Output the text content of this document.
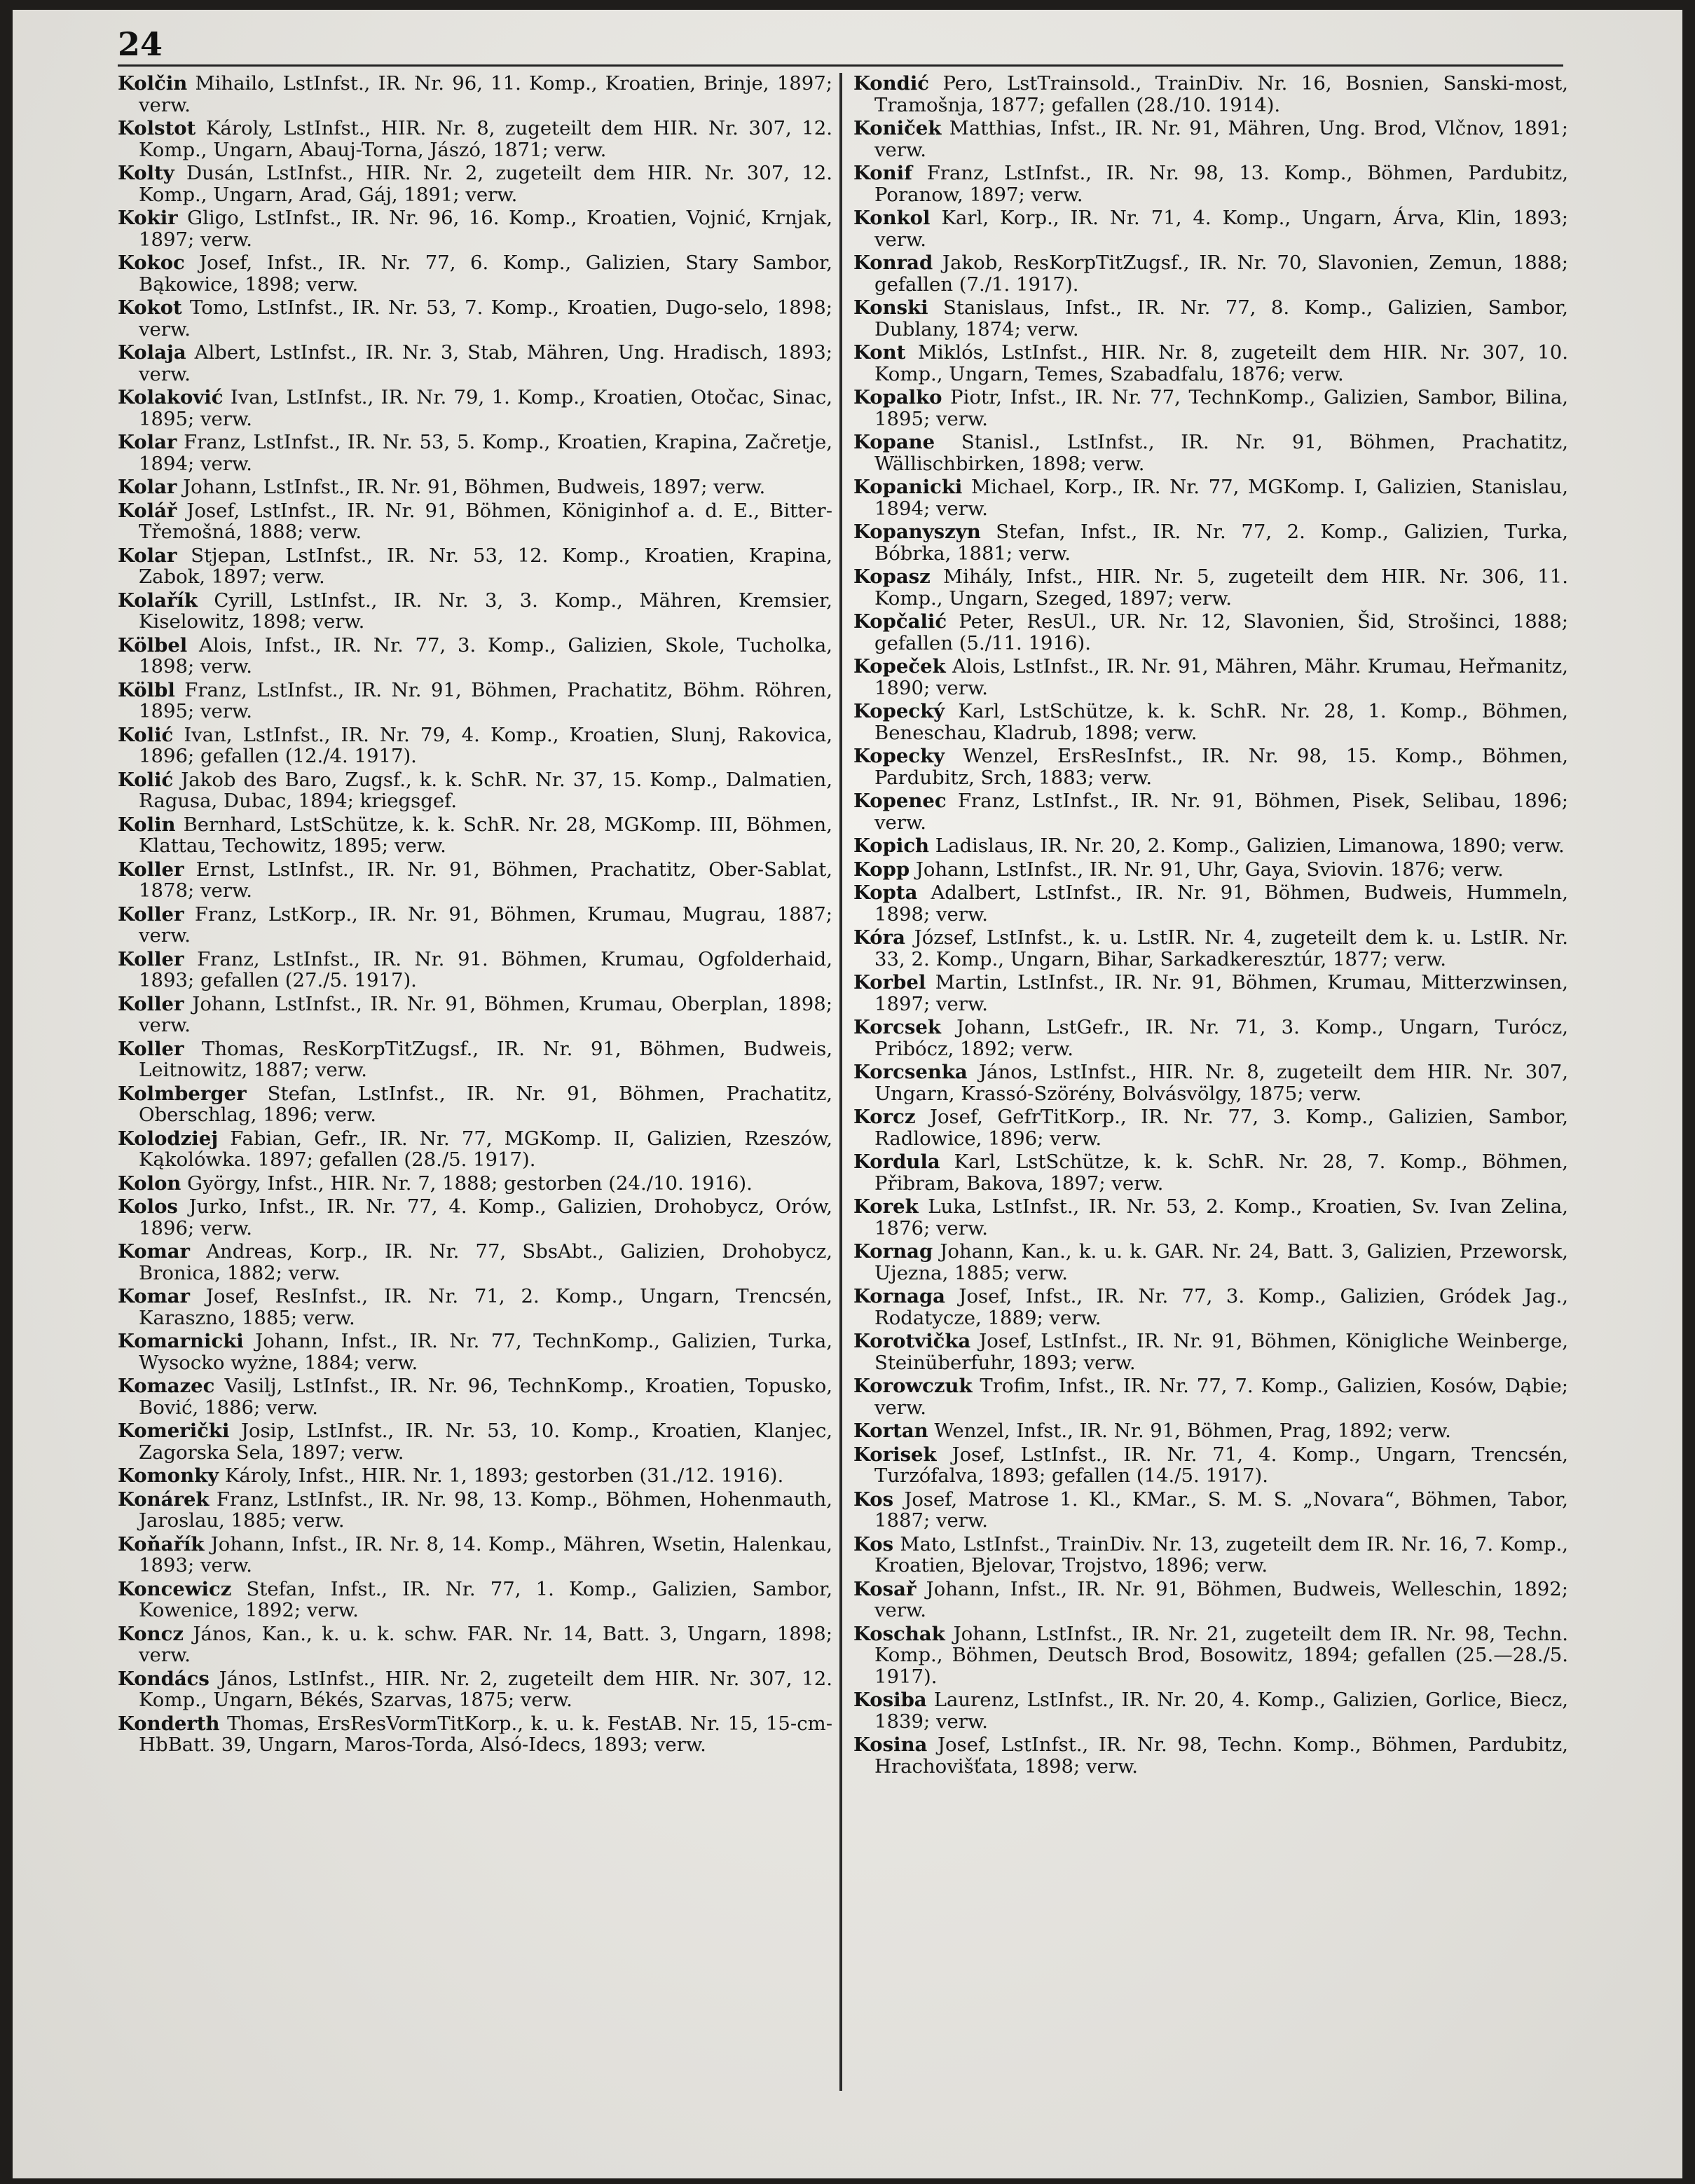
24

Kolčin Mihailo, LstInfst., IR. Nr. 96, 11. Komp., Kroatien, Brinje, 1897; verw.

Kolstot Károly, LstInfst., HIR. Nr. 8, zugeteilt dem HIR. Nr. 307, 12. Komp., Ungarn, Abauj-Torna, Jászó, 1871; verw.

Kolty Dusán, LstInfst., HIR. Nr. 2, zugeteilt dem HIR. Nr. 307, 12. Komp., Ungarn, Arad, Gáj, 1891; verw.

Kokir Gligo, LstInfst., IR. Nr. 96, 16. Komp., Kroatien, Vojnić, Krnjak, 1897; verw.

Kokoc Josef, Infst., IR. Nr. 77, 6. Komp., Galizien, Stary Sambor, Bąkowice, 1898; verw.

Kokot Tomo, LstInfst., IR. Nr. 53, 7. Komp., Kroatien, Dugo-selo, 1898; verw.

Kolaja Albert, LstInfst., IR. Nr. 3, Stab, Mähren, Ung. Hradisch, 1893; verw.

Kolaković Ivan, LstInfst., IR. Nr. 79, 1. Komp., Kroatien, Otočac, Sinac, 1895; verw.

Kolar Franz, LstInfst., IR. Nr. 53, 5. Komp., Kroatien, Krapina, Začretje, 1894; verw.

Kolar Johann, LstInfst., IR. Nr. 91, Böhmen, Budweis, 1897; verw.

Kolář Josef, LstInfst., IR. Nr. 91, Böhmen, Königinhof a. d. E., Bitter-Třemošná, 1888; verw.

Kolar Stjepan, LstInfst., IR. Nr. 53, 12. Komp., Kroatien, Krapina, Zabok, 1897; verw.

Kolařík Cyrill, LstInfst., IR. Nr. 3, 3. Komp., Mähren, Kremsier, Kiselowitz, 1898; verw.

Kölbel Alois, Infst., IR. Nr. 77, 3. Komp., Galizien, Skole, Tucholka, 1898; verw.

Kölbl Franz, LstInfst., IR. Nr. 91, Böhmen, Prachatitz, Böhm. Röhren, 1895; verw.

Kolić Ivan, LstInfst., IR. Nr. 79, 4. Komp., Kroatien, Slunj, Rakovica, 1896; gefallen (12./4. 1917).

Kolić Jakob des Baro, Zugsf., k. k. SchR. Nr. 37, 15. Komp., Dalmatien, Ragusa, Dubac, 1894; kriegsgef.

Kolin Bernhard, LstSchütze, k. k. SchR. Nr. 28, MGKomp. III, Böhmen, Klattau, Techowitz, 1895; verw.

Koller Ernst, LstInfst., IR. Nr. 91, Böhmen, Prachatitz, Ober-Sablat, 1878; verw.

Koller Franz, LstKorp., IR. Nr. 91, Böhmen, Krumau, Mugrau, 1887; verw.

Koller Franz, LstInfst., IR. Nr. 91. Böhmen, Krumau, Ogfolderhaid, 1893; gefallen (27./5. 1917).

Koller Johann, LstInfst., IR. Nr. 91, Böhmen, Krumau, Oberplan, 1898; verw.

Koller Thomas, ResKorpTitZugsf., IR. Nr. 91, Böhmen, Budweis, Leitnowitz, 1887; verw.

Kolmberger Stefan, LstInfst., IR. Nr. 91, Böhmen, Prachatitz, Oberschlag, 1896; verw.

Kolodziej Fabian, Gefr., IR. Nr. 77, MGKomp. II, Galizien, Rzeszów, Kąkolówka. 1897; gefallen (28./5. 1917).

Kolon György, Infst., HIR. Nr. 7, 1888; gestorben (24./10. 1916).

Kolos Jurko, Infst., IR. Nr. 77, 4. Komp., Galizien, Drohobycz, Orów, 1896; verw.

Komar Andreas, Korp., IR. Nr. 77, SbsAbt., Galizien, Drohobycz, Bronica, 1882; verw.

Komar Josef, ResInfst., IR. Nr. 71, 2. Komp., Ungarn, Trencsén, Karaszno, 1885; verw.

Komarnicki Johann, Infst., IR. Nr. 77, TechnKomp., Galizien, Turka, Wysocko wyżne, 1884; verw.

Komazec Vasilj, LstInfst., IR. Nr. 96, TechnKomp., Kroatien, Topusko, Bović, 1886; verw.

Komerički Josip, LstInfst., IR. Nr. 53, 10. Komp., Kroatien, Klanjec, Zagorska Sela, 1897; verw.

Komonky Károly, Infst., HIR. Nr. 1, 1893; gestorben (31./12. 1916).

Konárek Franz, LstInfst., IR. Nr. 98, 13. Komp., Böhmen, Hohenmauth, Jaroslau, 1885; verw.

Koňařík Johann, Infst., IR. Nr. 8, 14. Komp., Mähren, Wsetin, Halenkau, 1893; verw.

Koncewicz Stefan, Infst., IR. Nr. 77, 1. Komp., Galizien, Sambor, Kowenice, 1892; verw.

Koncz János, Kan., k. u. k. schw. FAR. Nr. 14, Batt. 3, Ungarn, 1898; verw.

Kondács János, LstInfst., HIR. Nr. 2, zugeteilt dem HIR. Nr. 307, 12. Komp., Ungarn, Békés, Szarvas, 1875; verw.

Konderth Thomas, ErsResVormTitKorp., k. u. k. FestAB. Nr. 15, 15-cm-HbBatt. 39, Ungarn, Maros-Torda, Alsó-Idecs, 1893; verw.

Kondić Pero, LstTrainsold., TrainDiv. Nr. 16, Bosnien, Sanski-most, Tramošnja, 1877; gefallen (28./10. 1914).

Koniček Matthias, Infst., IR. Nr. 91, Mähren, Ung. Brod, Vlčnov, 1891; verw.

Konif Franz, LstInfst., IR. Nr. 98, 13. Komp., Böhmen, Pardubitz, Poranow, 1897; verw.

Konkol Karl, Korp., IR. Nr. 71, 4. Komp., Ungarn, Árva, Klin, 1893; verw.

Konrad Jakob, ResKorpTitZugsf., IR. Nr. 70, Slavonien, Zemun, 1888; gefallen (7./1. 1917).

Konski Stanislaus, Infst., IR. Nr. 77, 8. Komp., Galizien, Sambor, Dublany, 1874; verw.

Kont Miklós, LstInfst., HIR. Nr. 8, zugeteilt dem HIR. Nr. 307, 10. Komp., Ungarn, Temes, Szabadfalu, 1876; verw.

Kopalko Piotr, Infst., IR. Nr. 77, TechnKomp., Galizien, Sambor, Bilina, 1895; verw.

Kopane Stanisl., LstInfst., IR. Nr. 91, Böhmen, Prachatitz, Wällischbirken, 1898; verw.

Kopanicki Michael, Korp., IR. Nr. 77, MGKomp. I, Galizien, Stanislau, 1894; verw.

Kopanyszyn Stefan, Infst., IR. Nr. 77, 2. Komp., Galizien, Turka, Bóbrka, 1881; verw.

Kopasz Mihály, Infst., HIR. Nr. 5, zugeteilt dem HIR. Nr. 306, 11. Komp., Ungarn, Szeged, 1897; verw.

Kopčalić Peter, ResUl., UR. Nr. 12, Slavonien, Šid, Strošinci, 1888; gefallen (5./11. 1916).

Kopeček Alois, LstInfst., IR. Nr. 91, Mähren, Mähr. Krumau, Heřmanitz, 1890; verw.

Kopecký Karl, LstSchütze, k. k. SchR. Nr. 28, 1. Komp., Böhmen, Beneschau, Kladrub, 1898; verw.

Kopecky Wenzel, ErsResInfst., IR. Nr. 98, 15. Komp., Böhmen, Pardubitz, Srch, 1883; verw.

Kopenec Franz, LstInfst., IR. Nr. 91, Böhmen, Pisek, Selibau, 1896; verw.

Kopich Ladislaus, IR. Nr. 20, 2. Komp., Galizien, Limanowa, 1890; verw.

Kopp Johann, LstInfst., IR. Nr. 91, Uhr, Gaya, Sviovin. 1876; verw.

Kopta Adalbert, LstInfst., IR. Nr. 91, Böhmen, Budweis, Hummeln, 1898; verw.

Kóra József, LstInfst., k. u. LstIR. Nr. 4, zugeteilt dem k. u. LstIR. Nr. 33, 2. Komp., Ungarn, Bihar, Sarkadkeresztúr, 1877; verw.

Korbel Martin, LstInfst., IR. Nr. 91, Böhmen, Krumau, Mitterzwinsen, 1897; verw.

Korcsek Johann, LstGefr., IR. Nr. 71, 3. Komp., Ungarn, Turócz, Pribócz, 1892; verw.

Korcsenka János, LstInfst., HIR. Nr. 8, zugeteilt dem HIR. Nr. 307, Ungarn, Krassó-Szörény, Bolvásvölgy, 1875; verw.

Korcz Josef, GefrTitKorp., IR. Nr. 77, 3. Komp., Galizien, Sambor, Radlowice, 1896; verw.

Kordula Karl, LstSchütze, k. k. SchR. Nr. 28, 7. Komp., Böhmen, Přibram, Bakova, 1897; verw.

Korek Luka, LstInfst., IR. Nr. 53, 2. Komp., Kroatien, Sv. Ivan Zelina, 1876; verw.

Kornag Johann, Kan., k. u. k. GAR. Nr. 24, Batt. 3, Galizien, Przeworsk, Ujezna, 1885; verw.

Kornaga Josef, Infst., IR. Nr. 77, 3. Komp., Galizien, Gródek Jag., Rodatycze, 1889; verw.

Korotvička Josef, LstInfst., IR. Nr. 91, Böhmen, Königliche Weinberge, Steinüberfuhr, 1893; verw.

Korowczuk Trofim, Infst., IR. Nr. 77, 7. Komp., Galizien, Kosów, Dąbie; verw.

Kortan Wenzel, Infst., IR. Nr. 91, Böhmen, Prag, 1892; verw.

Korisek Josef, LstInfst., IR. Nr. 71, 4. Komp., Ungarn, Trencsén, Turzófalva, 1893; gefallen (14./5. 1917).

Kos Josef, Matrose 1. Kl., KMar., S. M. S. „Novara“, Böhmen, Tabor, 1887; verw.

Kos Mato, LstInfst., TrainDiv. Nr. 13, zugeteilt dem IR. Nr. 16, 7. Komp., Kroatien, Bjelovar, Trojstvo, 1896; verw.

Kosař Johann, Infst., IR. Nr. 91, Böhmen, Budweis, Welleschin, 1892; verw.

Koschak Johann, LstInfst., IR. Nr. 21, zugeteilt dem IR. Nr. 98, Techn. Komp., Böhmen, Deutsch Brod, Bosowitz, 1894; gefallen (25.—28./5. 1917).

Kosiba Laurenz, LstInfst., IR. Nr. 20, 4. Komp., Galizien, Gorlice, Biecz, 1839; verw.

Kosina Josef, LstInfst., IR. Nr. 98, Techn. Komp., Böhmen, Pardubitz, Hrachovišťata, 1898; verw.
